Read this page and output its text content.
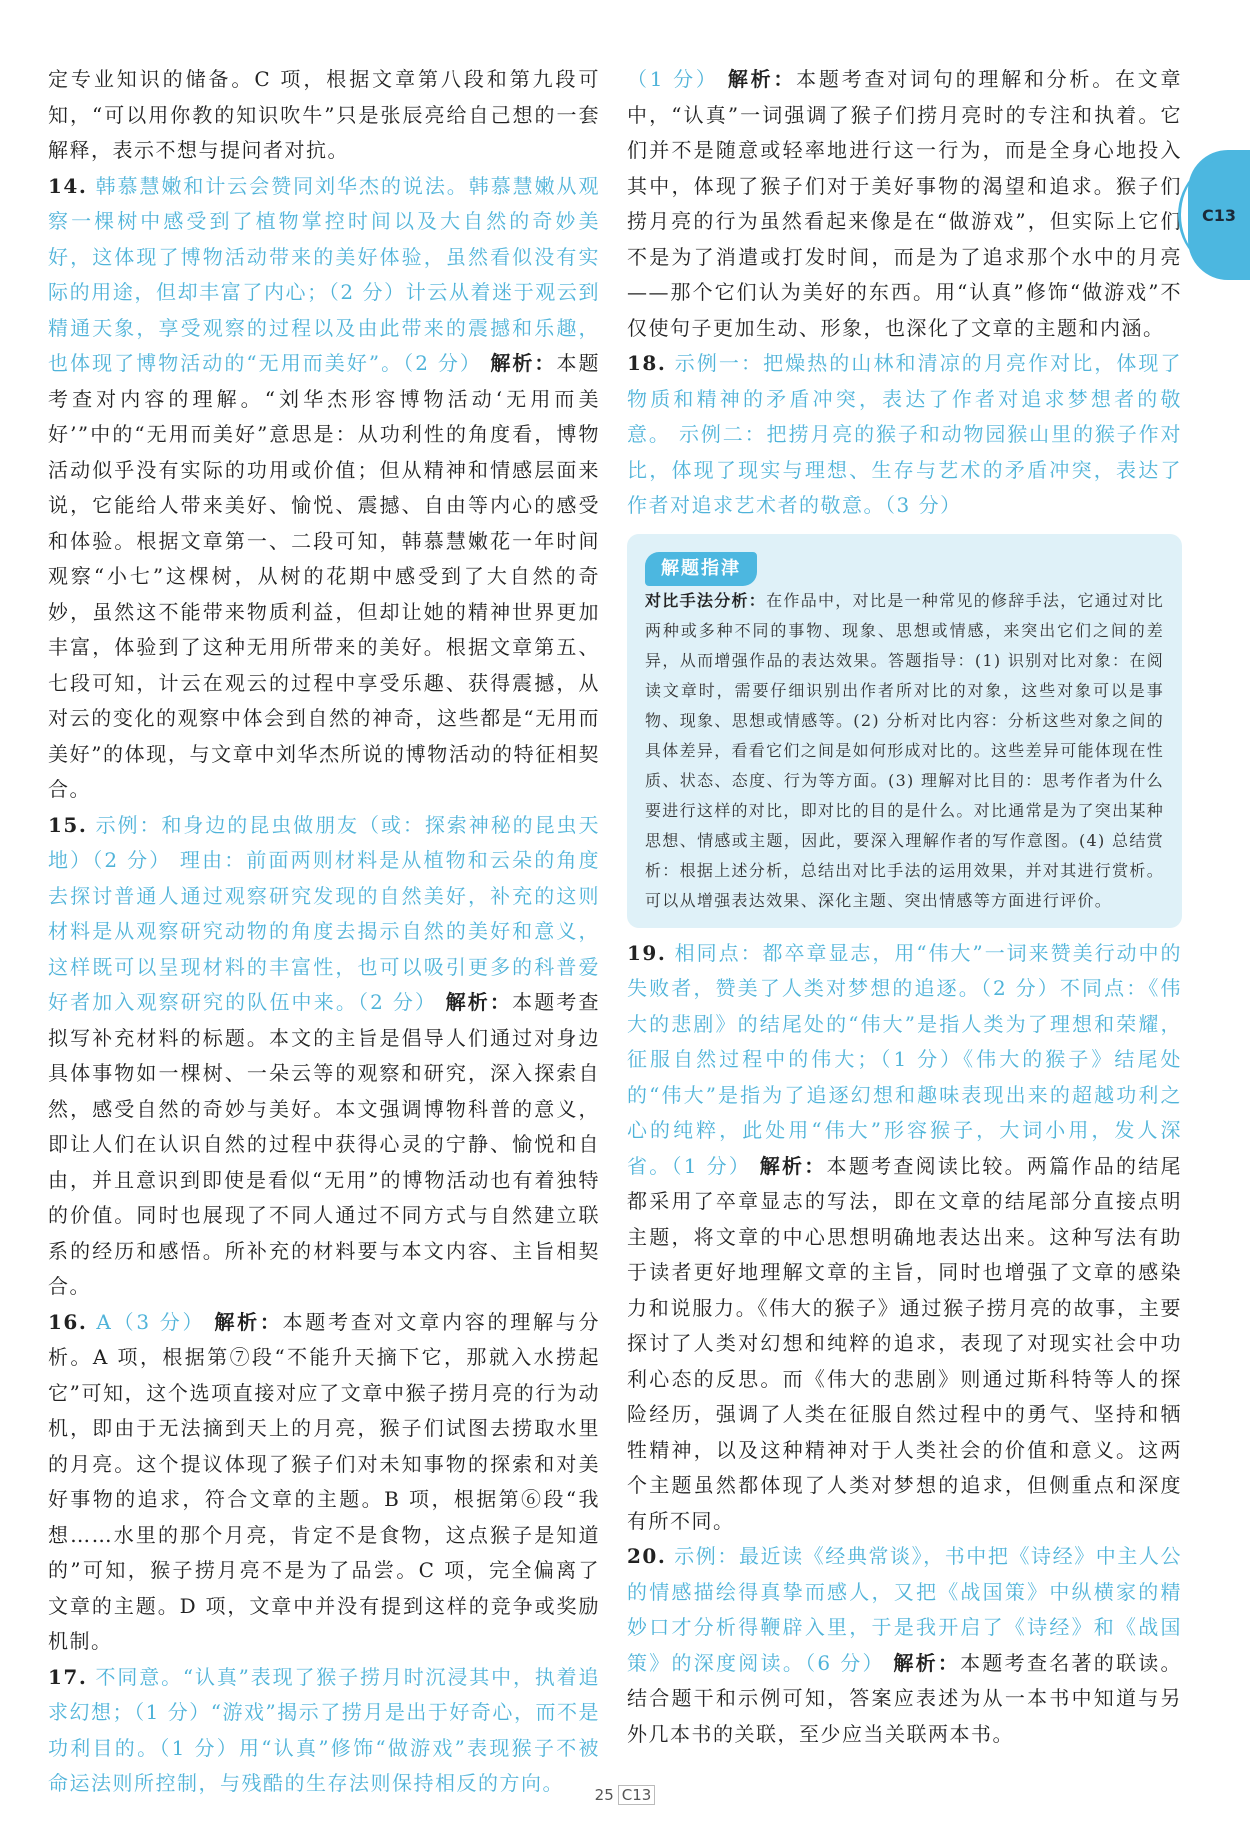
定专业知识的储备。C 项，根据文章第八段和第九段可知，“可以用你教的知识吹牛”只是张辰亮给自己想的一套解释，表示不想与提问者对抗。

14. 韩慕慧嫩和计云会赞同刘华杰的说法。韩慕慧嫩从观察一棵树中感受到了植物掌控时间以及大自然的奇妙美好，这体现了博物活动带来的美好体验，虽然看似没有实际的用途，但却丰富了内心；（2 分）计云从着迷于观云到精通天象，享受观察的过程以及由此带来的震撼和乐趣，也体现了博物活动的“无用而美好”。（2 分） 解析：本题考查对内容的理解。“刘华杰形容博物活动‘无用而美好’”中的“无用而美好”意思是：从功利性的角度看，博物活动似乎没有实际的功用或价值；但从精神和情感层面来说，它能给人带来美好、愉悦、震撼、自由等内心的感受和体验。根据文章第一、二段可知，韩慕慧嫩花一年时间观察“小七”这棵树，从树的花期中感受到了大自然的奇妙，虽然这不能带来物质利益，但却让她的精神世界更加丰富，体验到了这种无用所带来的美好。根据文章第五、七段可知，计云在观云的过程中享受乐趣、获得震撼，从对云的变化的观察中体会到自然的神奇，这些都是“无用而美好”的体现，与文章中刘华杰所说的博物活动的特征相契合。

15. 示例：和身边的昆虫做朋友（或：探索神秘的昆虫天地）（2 分） 理由：前面两则材料是从植物和云朵的角度去探讨普通人通过观察研究发现的自然美好，补充的这则材料是从观察研究动物的角度去揭示自然的美好和意义，这样既可以呈现材料的丰富性，也可以吸引更多的科普爱好者加入观察研究的队伍中来。（2 分） 解析：本题考查拟写补充材料的标题。本文的主旨是倡导人们通过对身边具体事物如一棵树、一朵云等的观察和研究，深入探索自然，感受自然的奇妙与美好。本文强调博物科普的意义，即让人们在认识自然的过程中获得心灵的宁静、愉悦和自由，并且意识到即使是看似“无用”的博物活动也有着独特的价值。同时也展现了不同人通过不同方式与自然建立联系的经历和感悟。所补充的材料要与本文内容、主旨相契合。

16. A（3 分） 解析：本题考查对文章内容的理解与分析。A 项，根据第⑦段“不能升天摘下它，那就入水捞起它”可知，这个选项直接对应了文章中猴子捞月亮的行为动机，即由于无法摘到天上的月亮，猴子们试图去捞取水里的月亮。这个提议体现了猴子们对未知事物的探索和对美好事物的追求，符合文章的主题。B 项，根据第⑥段“我想……水里的那个月亮，肯定不是食物，这点猴子是知道的”可知，猴子捞月亮不是为了品尝。C 项，完全偏离了文章的主题。D 项，文章中并没有提到这样的竞争或奖励机制。

17. 不同意。“认真”表现了猴子捞月时沉浸其中，执着追求幻想；（1 分）“游戏”揭示了捞月是出于好奇心，而不是功利目的。（1 分）用“认真”修饰“做游戏”表现猴子不被命运法则所控制，与残酷的生存法则保持相反的方向。

（1 分） 解析：本题考查对词句的理解和分析。在文章中，“认真”一词强调了猴子们捞月亮时的专注和执着。它们并不是随意或轻率地进行这一行为，而是全身心地投入其中，体现了猴子们对于美好事物的渴望和追求。猴子们捞月亮的行为虽然看起来像是在“做游戏”，但实际上它们不是为了消遣或打发时间，而是为了追求那个水中的月亮——那个它们认为美好的东西。用“认真”修饰“做游戏”不仅使句子更加生动、形象，也深化了文章的主题和内涵。

18. 示例一：把燥热的山林和清凉的月亮作对比，体现了物质和精神的矛盾冲突，表达了作者对追求梦想者的敬意。 示例二：把捞月亮的猴子和动物园猴山里的猴子作对比，体现了现实与理想、生存与艺术的矛盾冲突，表达了作者对追求艺术者的敬意。（3 分）

解题指津
对比手法分析：在作品中，对比是一种常见的修辞手法，它通过对比两种或多种不同的事物、现象、思想或情感，来突出它们之间的差异，从而增强作品的表达效果。答题指导：(1) 识别对比对象：在阅读文章时，需要仔细识别出作者所对比的对象，这些对象可以是事物、现象、思想或情感等。(2) 分析对比内容：分析这些对象之间的具体差异，看看它们之间是如何形成对比的。这些差异可能体现在性质、状态、态度、行为等方面。(3) 理解对比目的：思考作者为什么要进行这样的对比，即对比的目的是什么。对比通常是为了突出某种思想、情感或主题，因此，要深入理解作者的写作意图。(4) 总结赏析：根据上述分析，总结出对比手法的运用效果，并对其进行赏析。可以从增强表达效果、深化主题、突出情感等方面进行评价。

19. 相同点：都卒章显志，用“伟大”一词来赞美行动中的失败者，赞美了人类对梦想的追逐。（2 分）不同点：《伟大的悲剧》的结尾处的“伟大”是指人类为了理想和荣耀，征服自然过程中的伟大；（1 分）《伟大的猴子》结尾处的“伟大”是指为了追逐幻想和趣味表现出来的超越功利之心的纯粹，此处用“伟大”形容猴子，大词小用，发人深省。（1 分） 解析：本题考查阅读比较。两篇作品的结尾都采用了卒章显志的写法，即在文章的结尾部分直接点明主题，将文章的中心思想明确地表达出来。这种写法有助于读者更好地理解文章的主旨，同时也增强了文章的感染力和说服力。《伟大的猴子》通过猴子捞月亮的故事，主要探讨了人类对幻想和纯粹的追求，表现了对现实社会中功利心态的反思。而《伟大的悲剧》则通过斯科特等人的探险经历，强调了人类在征服自然过程中的勇气、坚持和牺牲精神，以及这种精神对于人类社会的价值和意义。这两个主题虽然都体现了人类对梦想的追求，但侧重点和深度有所不同。

20. 示例：最近读《经典常谈》，书中把《诗经》中主人公的情感描绘得真挚而感人，又把《战国策》中纵横家的精妙口才分析得鞭辟入里，于是我开启了《诗经》和《战国策》的深度阅读。（6 分） 解析：本题考查名著的联读。结合题干和示例可知，答案应表述为从一本书中知道与另外几本书的关联，至少应当关联两本书。

C13
25 C13
